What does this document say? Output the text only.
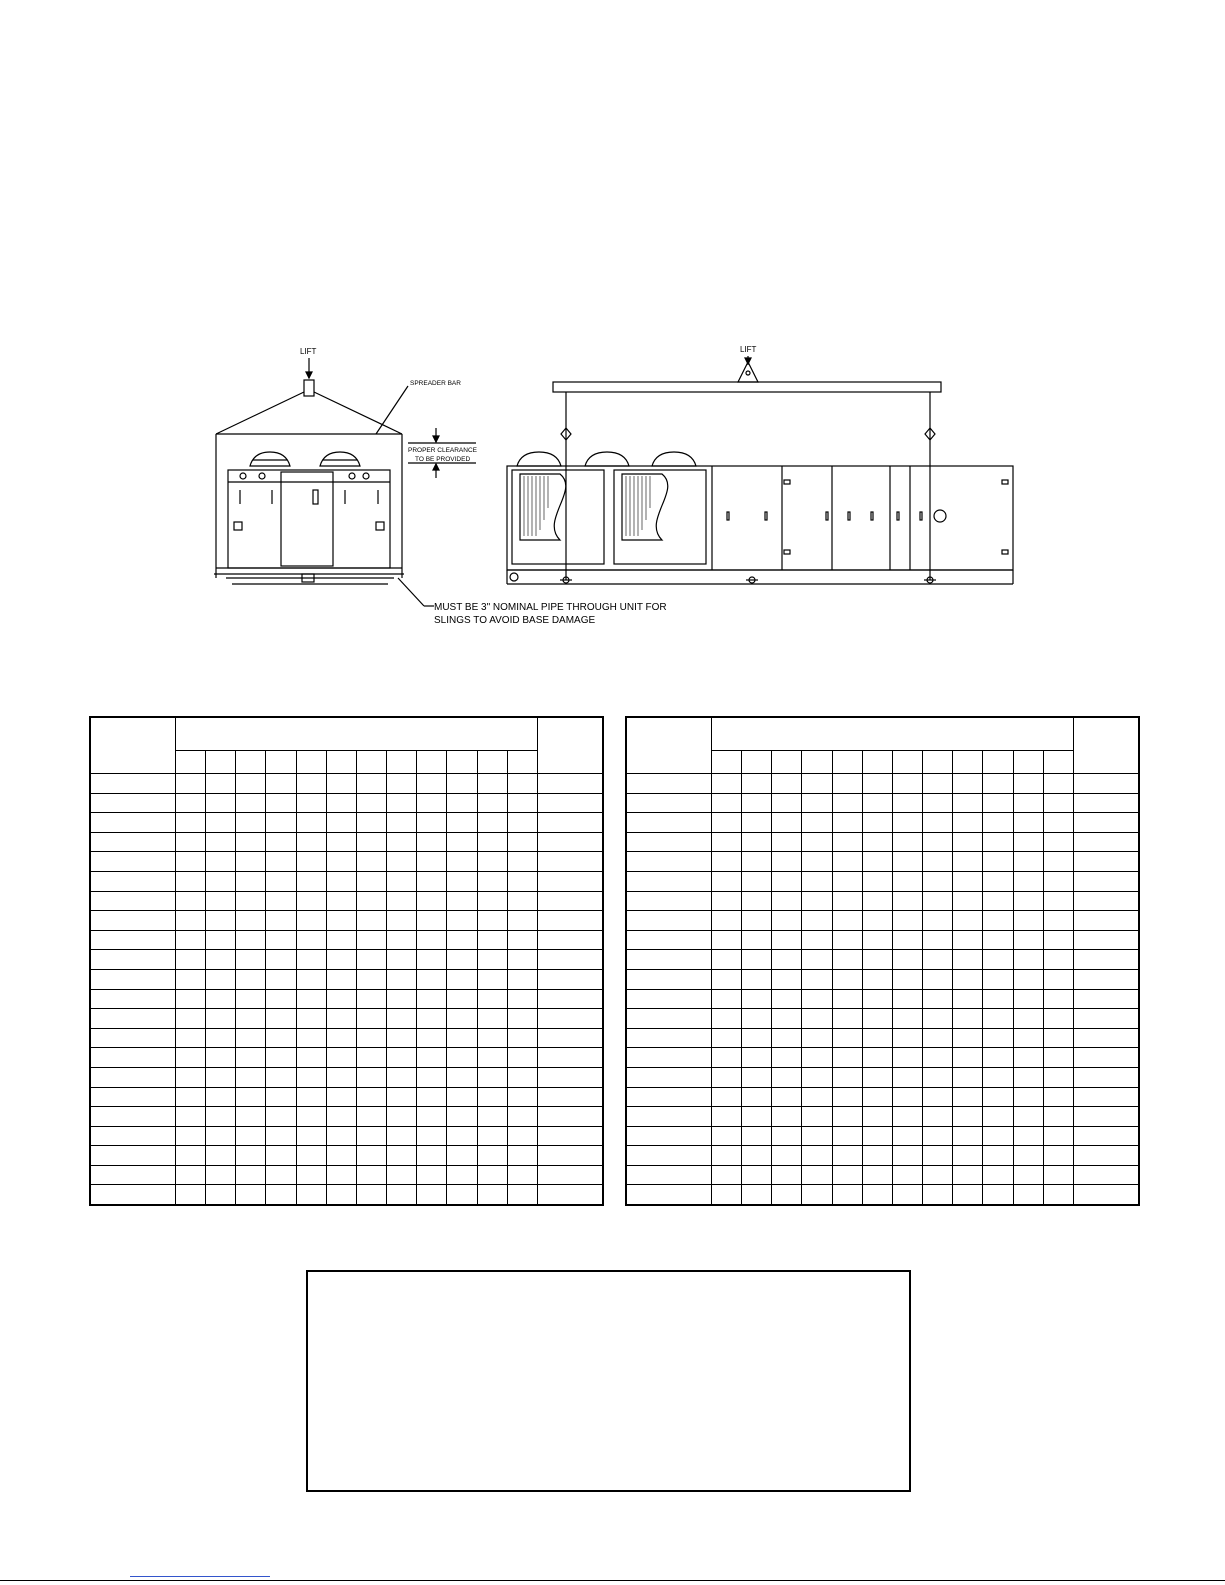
LIFT	LIFT
SPREADER BAR
PROPER CLEARANCE
TO BE PROVIDED
MUST BE 3" NOMINAL PIPE THROUGH UNIT FOR
SLINGS TO AVOID BASE DAMAGE
